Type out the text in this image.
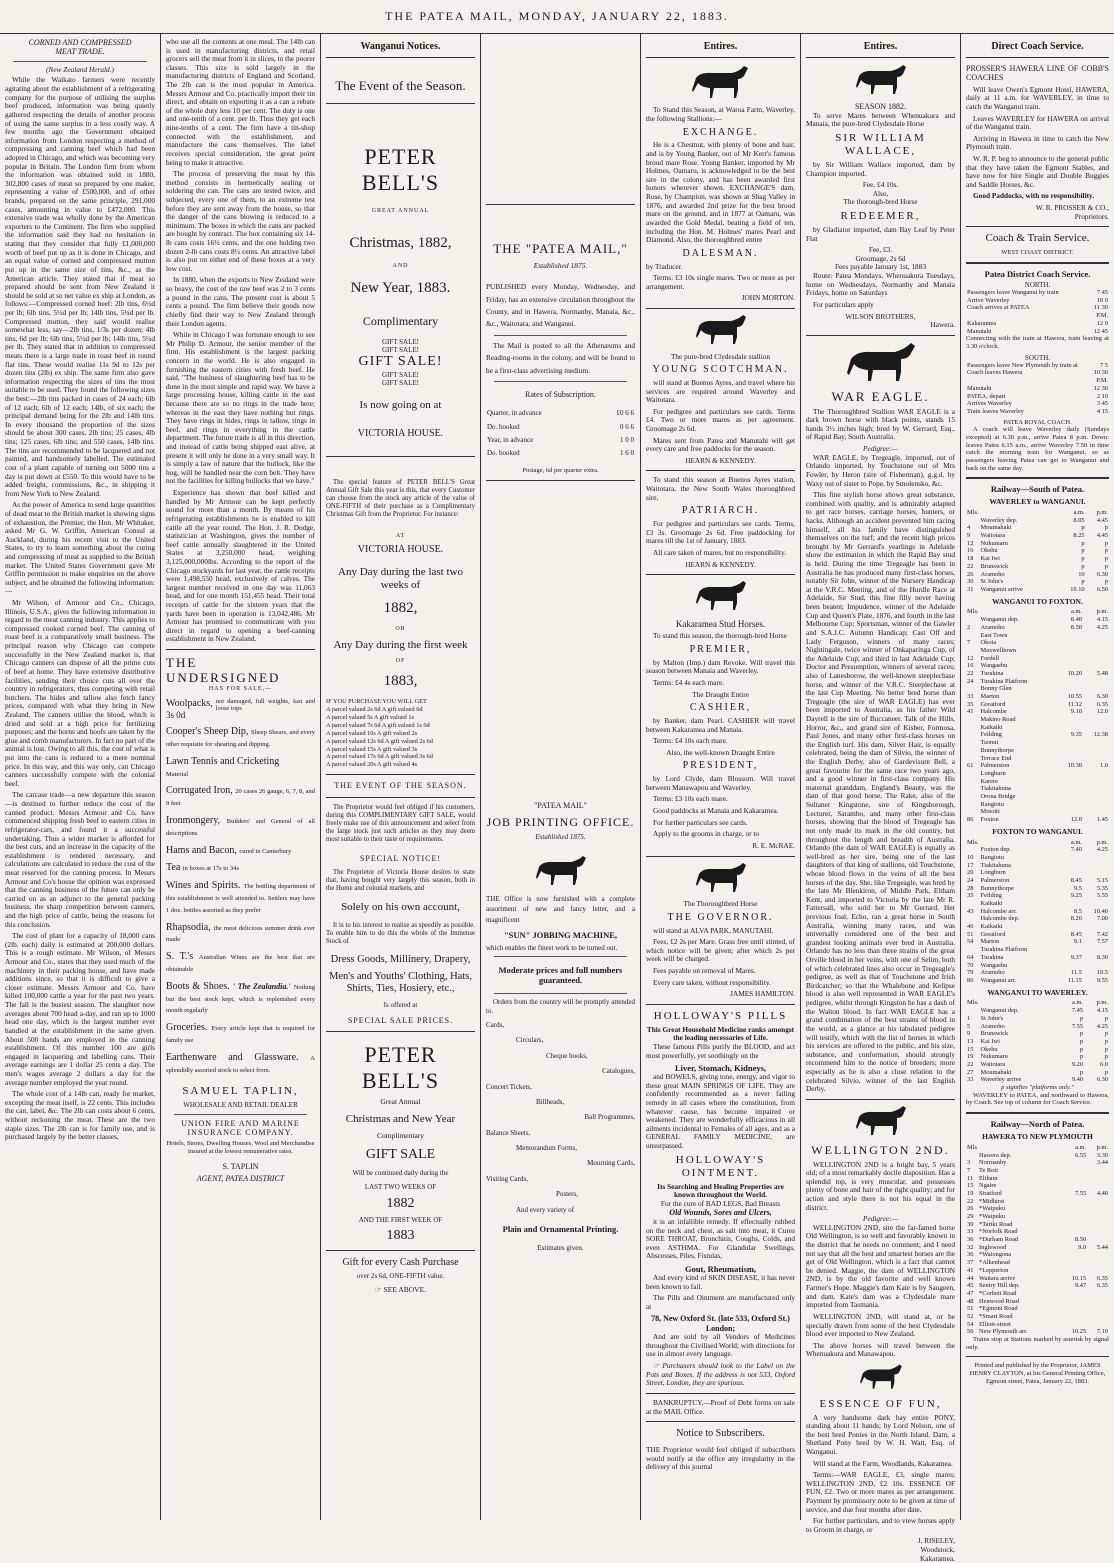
THE PATEA MAIL, MONDAY, JANUARY 22, 1883.
CORNED AND COMPRESSED
MEAT TRADE.
(New Zealand Herald.)

While the Waikato farmers were recently agitating about the establishment of a refrigerating company for the purpose of utilising the surplus beef produced, information was being quietly gathered respecting the details of another process of using the same surplus in a less costly way. A few months ago the Government obtained information from London respecting a method of compressing and canning beef which had been adopted in Chicago, and which was becoming very popular in Britain. The London firm from whom the information was obtained sold in 1880, 302,800 cases of meat so prepared by one maker, representing a value of £500,000, and of other brands, prepared on the same principle, 291,000 cases, amounting in value to £472,000. This extensive trade was wholly done by the American exporters to the Continent. The firm who supplied the information said they had no hesitation in stating that they consider that fully £1,000,000 worth of beef put up as it is done in Chicago, and an equal value of corned and compressed mutton put up in the same size of tins, &c., as the American article. They stated that if meat so prepared should be sent from New Zealand it should be sold at so net value ex ship at London, as follows:—Compressed corned beef: 2lb tins, 6½d per lb; 6lb tins, 5½d per lb; 14lb tins, 5¼d per lb. Compressed mutton, they said would realise somewhat less, say—2lb tins, 1/3s per dozen; 4lb tins, 6d per lb; 6lb tins, 5½d per lb; 14lb tins, 5¼d per lb. They stated that in addition to compressed meats there is a large trade in roast beef in round flat tins. These would realise 11s 9d to 12s per dozen tins (2lb) ex ship. The same firm also gave information respecting the sizes of tins the most suitable to be used. They found the following sizes the best:—2lb tins packed in cases of 24 each; 6lb of 12 each; 6lb of 12 each; 14lb, of six each; the principal demand being for the 2lb and 14lb tins. In every thousand the proportion of the sizes should be about 300 cases, 2lb tins; 25 cases, 4lb tins; 125 cases, 6lb tins; and 550 cases, 14lb tins. The tins are recommended to be lacquered and not painted, and handsomely labelled. The estimated cost of a plant capable of turning out 5000 tins a day is put down at £550. To this would have to be added freight, commissions, &c., in shipping it from New York to New Zealand.

As the power of America to send large quantities of dead meat to the British market is showing signs of exhaustion, the Premier, the Hon. Mr Whitaker, asked Mr G. W. Griffin, American Consul at Auckland, during his recent visit to the United States, to try to learn something about the curing and compressing of meat as supplied to the British market. The United States Government gave Mr Griffin permission to make enquiries on the above subject, and he obtained the following information:—

Mr Wilson, of Armour and Co., Chicago, Illinois, U.S.A., gives the following information in regard to the meat canning industry. This applies to compressed cooked corned beef. The canning of roast beef is a comparatively small business. The principal reason why Chicago can compete successfully in the New Zealand market is, that Chicago canners can dispose of all the prime cuts of beef at home. They have extensive distributive facilities, sending their choice cuts all over the country in refrigerators, thus competing with retail butchers. The hides and tallow also fetch fancy prices, compared with what they bring in New Zealand. The canners utilise the blood, which is dried and sold at a high price for fertilizing purposes; and the horns and hoofs are taken by the glue and comb manufacturers. In fact no part of the animal is lost. Owing to all this, the cost of what is put into the cans is reduced to a mere nominal price. In this way, and this way only, can Chicago canners successfully compete with the colonial beef.

The carcase trade—a new departure this season—is destined to further reduce the cost of the canned product. Messrs Armour and Co. have commenced shipping fresh beef to eastern cities in refrigerator-cars, and found it a successful undertaking. Thus a wider market is afforded for the best cuts, and an increase in the capacity of the establishment is rendered necessary, and calculations are calculated to reduce the cost of the meat reserved for the canning process. In Messrs Armour and Co's house the opinion was expressed that the canning business of the future can only be carried on as an adjunct to the general packing business, the sharp competition between canners, and the high price of cattle, being the reasons for this conclusion.

The cost of plant for a capacity of 18,000 cans (2lb. each) daily is estimated at 200,000 dollars. This is a rough estimate. Mr Wilson, of Messrs Armour and Co., states that they used much of the machinery in their packing house, and have made additions since, so that it is difficult to give a closer estimate. Messrs Armour and Co. have killed 100,000 cattle a year for the past two years. The fall is the busiest season. The slaughter now averages about 700 head a-day, and ran up to 1000 head one day, which is the largest number ever handled at the establishment in the same given. About 500 hands are employed in the canning establishment. Of this number 100 are girls engaged in lacquering and labelling cans. Their average earnings are 1 dollar 25 cents a day. The men's wages average 2 dollars a day for the average number employed the year round.

The whole cost of a 14lb can, ready for market, excepting the meat itself, is 22 cents. This includes the can, label, &c. The 2lb can costs about 6 cents, without reckoning the meat. These are the two staple sizes. The 2lb can is for family use, and is purchased largely by the better classes,

who use all the contents at one meal. The 14lb can is used in manufacturing districts, and retail grocers sell the meat from it in slices, to the poorer classes. This size is sold largely in the manufacturing districts of England and Scotland. The 2lb can is the most popular in America. Messrs Armour and Co. practically import their tin direct, and obtain on exporting it as a can a rebate of the whole duty less 10 per cent. The duty is one and one-tenth of a cent. per lb. Thus they get each nine-tenths of a cent. The firm have a tin-shop connected with the establishment, and manufacture the cans themselves. The label receives special consideration, the great point being to make it attractive.

The process of preserving the meat by this method consists in hermetically sealing or soldering the can. The cans are tested twice, and subjected, every one of them, to an extreme test before they are sent away from the house, so that the danger of the cans blowing is reduced to a minimum. The boxes in which the cans are packed are bought by contract. The box containing six 14-lb cans costs 16½ cents, and the one holding two dozen 2-lb cans costs 8½ cents. An attractive label is also put on either end of these boxes at a very low cost.

In 1880, when the exports to New Zealand were so heavy, the cost of the raw beef was 2 to 3 cents a pound in the cans. The present cost is about 5 cents a pound. The firm believe their goods now chiefly find their way to New Zealand through their London agents.

While in Chicago I was fortunate enough to see Mr Philip D. Armour, the senior member of the firm. His establishment is the largest packing concern in the world. He is also engaged in furnishing the eastern cities with fresh beef. He said, "The business of slaughtering beef has to be done in the most simple and rapid way. We have a large processing house, killing cattle in the east because there are so no rings in the trade here; whereas in the east they have nothing but rings. They have rings in hides, rings in tallow, rings in beef, and rings in everything in the cattle department. The future trade is all in this direction, and instead of cattle being shipped east alive, at present it will only be done in a very small way. It is simply a law of nature that the bullock, like the hog, will be handled near the corn belt. They have not the facilities for killing bullocks that we have."

Experience has shown that beef killed and handled by Mr Armour can be kept perfectly sound for more than a month. By means of his refrigerating establishments he is enabled to kill cattle all the year round. The Hon. J. R. Dodge, statistician at Washington, gives the number of beef cattle annually slaughtered in the United States at 3,250,000 head, weighing 3,125,000,000lbs. According to the report of the Chicago stockyards for last year, the cattle receipts were 1,498,550 head, exclusively of calves. The largest number received in one day was 11,063 head, and for one month 151,455 head. Their total receipts of cattle for the sixteen years that the yards have been in operation is 13,042,486. Mr Armour has promised to communicate with you direct in regard to opening a beef-canning establishment in New Zealand.

THE UNDERSIGNED
HAS FOR SALE,—
Woolpacks,
3s 0d
not damaged, full weights, fast and loose tops
Cooper's Sheep Dip, Sheep Shears, and every other requisite for shearing and dipping.
Lawn Tennis and Cricketing
Material
Corrugated Iron, 20 cases 26 gauge, 6, 7, 8, and 9 feet
Ironmongery, Builders' and General of all descriptions
Hams and Bacon, cured in Canterbury
Tea in boxes at 17s to 34s
Wines and Spirits. The bottling department of this establishment is well attended to. Settlers may have 1 doz. bottles assorted as they prefer
Rhapsodia, the most delicious summer drink ever made
S. T.'s Australian Wines are the best that are obtainable
Boots & Shoes. ' The Zealandia.' Nothing but the best stock kept, which is replenished every month regularly
Groceries. Every article kept that is required for family use
Earthenware and Glassware. A splendidly assorted stock to select from.
SAMUEL TAPLIN,
WHOLESALE AND RETAIL DEALER
UNION FIRE AND MARINE INSURANCE COMPANY.
Hotels, Stores, Dwelling Houses, Wool and Merchandise insured at the lowest remunerative rates.
S. TAPLIN
AGENT, PATEA DISTRICT
Wanganui Notices.
The Event of the Season.
PETER BELL'S
GREAT ANNUAL
Christmas, 1882,
AND
New Year, 1883.
Complimentary
GIFT SALE!
GIFT SALE!
GIFT SALE!
GIFT SALE!
GIFT SALE!
Is now going on at
VICTORIA HOUSE.

The special feature of PETER BELL'S Great Annual Gift Sale this year is this, that every Customer can choose from the stock any article of the value of ONE-FIFTH of their purchase as a Complimentary Christmas Gift from the Proprietor. For instance:

AT
VICTORIA HOUSE.
Any Day during the last two weeks of
1882,
OR
Any Day during the first week
OF
1883,
IF YOU PURCHASE YOU WILL GET
A parcel valued 2s 6d A gift valued 6d
A parcel valued 5s A gift valued 1s
A parcel valued 7s 6d A gift valued 1s 6d
A parcel valued 10s A gift valued 2s
A parcel valued 12s 6d A gift valued 2s 6d
A parcel valued 15s A gift valued 3s
A parcel valued 17s 6d A gift valued 3s 6d
A parcel valued 20s A gift valued 4s
THE EVENT OF THE SEASON.

The Proprietor would feel obliged if his customers, during this COMPLIMENTARY GIFT SALE, would freely make use of this announcement and select from the large stock just such articles as they may deem most suitable to their taste or requirements.

SPECIAL NOTICE!

The Proprietor of Victoria House desires to state that, having bought very largely this season, both in the Home and colonial markets, and

Solely on his own account,

It is to his interest to realise as speedily as possible. To enable him to do this the whole of the Immense Stock of

Dress Goods, Millinery, Drapery,
Men's and Youths' Clothing, Hats, Shirts, Ties, Hosiery, etc.,
Is offered at
SPECIAL SALE PRICES.
PETER BELL'S
Great Annual
Christmas and New Year
Complimentary
GIFT SALE
Will be continued daily during the
LAST TWO WEEKS OF
1882
AND THE FIRST WEEK OF
1883
Gift for every Cash Purchase
over 2s 6d, ONE-FIFTH value.
☞ SEE ABOVE.
THE "PATEA MAIL,"
Established 1875.

PUBLISHED every Monday, Wednesday, and Friday, has an extensive circulation throughout the County, and in Hawera, Normanby, Manaia, &c., &c., Waitotara, and Wanganui.

The Mail is posted to all the Athenæums and Reading-rooms in the colony, and will be found to be a first-class advertising medium.

Rates of Subscription.
Quarter, in advance	£0 6 6
Do. booked	0 6 6
Year, in advance	1 0 0
Do. booked	1 6 0
Postage, 6d per quarter extra.
"PATEA MAIL"
JOB PRINTING OFFICE.
Established 1875.

THE Office is now furnished with a complete assortment of new and fancy letter, and a magnificent

"SUN" JOBBING MACHINE,

which enables the finest work to be turned out.

Moderate prices and full numbers guaranteed.

Orders from the country will be promptly attended to.

Cards,
Circulars,
Cheque books,
Catalogues,
Concert Tickets,
Billheads,
Ball Programmes,
Balance Sheets,
Memorandum Forms,
Mourning Cards,
Visiting Cards,
Posters,
And every variety of
Plain and Ornamental Printing.
Estimates given.
Entires.

To Stand this Season, at Waroa Farm, Waverley, the following Stallions:—

EXCHANGE.

He is a Chestnut, with plenty of bone and hair, and is by Young Banker, out of Mr Kerr's famous brood mare Rose. Young Banker, imported by Mr Holmes, Oamaru, is acknowledged to be the best sire in the colony, and has been awarded first honors wherever shown. EXCHANGE'S dam, Rose, by Champion, was shown at Shag Valley in 1876, and awarded 2nd prize for the best brood mare on the ground, and in 1877 at Oamaru, was awarded the Gold Medal, beating a field of ten, including the Hon. M. Holmes' mares Pearl and Diamond. Also, the thoroughbred entire

DALESMAN.

by Traducer.

Terms: £3 10s single mares. Two or more as per arrangement.

JOHN MORTON.
The pure-bred Clydesdale stallion
YOUNG SCOTCHMAN.

will stand at Buenos Ayres, and travel where his services are required around Waverley and Waitotara.

For pedigree and particulars see cards. Terms £4. Two or more mares as per agreement. Groomage 2s 6d.

Mares sent from Patea and Manutahi will get every care and free paddocks for the season.

HEARN & KENNEDY.

To stand this season at Buenos Ayres station, Waitotara, the New South Wales thoroughbred sire,

PATRIARCH.

For pedigree and particulars see cards. Terms, £3 3s. Groomage 2s 6d. Free paddocking for mares till the 1st of January, 1883.

All care taken of mares, but no responsibility.

HEARN & KENNEDY.
Kakaramea Stud Horses.

To stand this season, the thorough-bred Horse

PREMIER,

by Malton (Imp.) dam Revoke. Will travel this season between Manaia and Waverley.

Terms: £4 4s each mare.

The Draught Entire
CASHIER,

by Banker, dam Pearl. CASHIER will travel between Kakaramea and Manaia.

Terms: £4 10s each mare.

Also, the well-known Draught Entire
PRESIDENT,

by Lord Clyde, dam Blossom. Will travel between Manawapou and Waverley.

Terms: £3 10s each mare.

Good paddocks at Manaia and Kakaramea.

For further particulars see cards.

Apply to the grooms in charge, or to

R. E. McRAE.
The Thoroughbred Horse
THE GOVERNOR.

will stand at ALVA PARK, MANUTAHI.

Fees, £2 2s per Mare. Grass free until stinted, of which notice will be given; after which 2s per week will be charged.

Fees payable on removal of Mares.

Every care taken, without responsibility.

JAMES HAMILTON.
HOLLOWAY'S PILLS
This Great Household Medicine ranks amongst the leading necessaries of Life.

These famous Pills purify the BLOOD, and act most powerfully, yet soothingly on the

Liver, Stomach, Kidneys,

and BOWELS, giving tone, energy, and vigor to these great MAIN SPRINGS OF LIFE. They are confidently recommended as a never failing remedy in all cases where the constitution, from whatever cause, has become impaired or weakened. They are wonderfully efficacious in all ailments incidental to Females of all ages, and as a GENERAL FAMILY MEDICINE, are unsurpassed.

HOLLOWAY'S OINTMENT.
Its Searching and Healing Properties are known throughout the World.
For the cure of BAD LEGS, Bad Breasts
Old Wounds, Sores and Ulcers,

it is an infallible remedy. If effectually rubbed on the neck and chest, as salt into meat, it Cures SORE THROAT, Bronchitis, Coughs, Colds, and even ASTHMA. For Glandular Swellings, Abscesses, Piles, Fistulas,

Gout, Rheumatism,

And every kind of SKIN DISEASE, it has never been known to fail.

The Pills and Ointment are manufactured only at

78, New Oxford St. (late 533, Oxford St.) London;

And are sold by all Vendors of Medicines throughout the Civilised World; with directions for use in almost every language.

☞ Purchasers should look to the Label on the Pots and Boxes. If the address is not 533, Oxford Street, London, they are spurious.

BANKRUPTCY.—Proof of Debt forms on sale at the MAIL Office.

Notice to Subscribers.

THE Proprietor would feel obliged if subscribers would notify at the office any irregularity in the delivery of this journal

Entires.
SEASON 1882.

To serve Mares between Whenuakura and Manaia, the pure-bred Clydesdale Horse

SIR WILLIAM WALLACE,

by Sir William Wallace imported, dam by Champion imported.

Fee, £4 10s.
Also,
The thorough-bred Horse
REDEEMER,

by Gladiator imported, dam Bay Leaf by Peter Flat

Fee, £3.
Groomage, 2s 6d
Fees payable January 1st, 1883

Route: Patea Mondays, Whenuakura Tuesdays, home on Wednesdays, Normanby and Manaia Fridays, home on Saturdays

For particulars apply

WILSON BROTHERS,
Hawera.
WAR EAGLE.

The Thoroughbred Stallion WAR EAGLE is a dark brown horse with black points, stands 15 hands 3½ inches high; bred by W. Gerrard, Esq., of Rapid Bay, South Australia.

Pedigree:—

WAR EAGLE, by Tregeagle, imported, out of Orlando imported, by Touchstone out of Mrs Fowler, by Heron (sire of Fisherman), g.g.d. by Waxy out of sister to Pope, by Smolensko, &c.

This fine stylish horse shows great substance, combined with quality, and is admirably adapted to get race horses, carriage horses, hunters, or hacks. Although an accident prevented him racing himself, all his family have distinguished themselves on the turf; and the recent high prices brought by Mr Gerrard's yearlings in Adelaide show the estimation in which the Rapid Bay stud is held. During the time Tregeagle has been in Australia he has produced many first-class horses, notably Sir John, winner of the Nursery Handicap at the V.R.C. Meeting, and of the Hurdle Race at Adelaide, Sir Stud, this fine filly never having been beaten; Impudence, winner of the Adelaide Cup and Queen's Plate, 1876, and fourth in the last Melbourne Cup; Sportsman, winner of the Gawler and S.A.J.C. Autumn Handicap; Cast Off and Lady Ferguson, winners of many races; Nightingale, twice winner of Onkaparinga Cup, of the Adelaide Cup, and third in last Adelaide Cup; Doctor and Presumption, winners of several races; also of Lanesborow, the well-known steeplechase horse, and winner of the V.R.C. Steeplechase at the last Cup Meeting. No better bred horse than Tregeagle (the sire of WAR EAGLE) has ever been imported to Australia, as his father Wild Dayrell is the sire of Buccaneer. Talk of the Hills, Horror, &c., and grand sire of Kisber, Formosa, Paul Jones, and many other first-class horses on the English turf. His dam, Silver Hair, is equally celebrated, being the dam of Silvio, the winner of the English Derby, also of Gardevisure Bell, a great favourite for the same race two years ago, and a good winner in first-class company. His maternal granddam, England's Beauty, was the dam of that good horse, The Rake, also of the Sultaner Kingstone, sire of Kingsborough, Lecturer, Sarambo, and many other first-class horses, showing that the blood of Tregeagle has not only made its mark in the old country, but throughout the length and breadth of Australia. Orlando (the dam of WAR EAGLE) is equally as well-bred as her sire, being one of the last daughters of that king of stallions, old Touchstone, whose blood flows in the veins of all the best horses of the day. She, like Tregeagle, was bred by the late Mr Blenkiron, of Middle Park, Eltham Kent, and imported to Victoria by the late Mr R. Fattersall, who sold her to Mr Gerrard. Her previous foal, Echo, ran a great horse in South Australia, winning many races, and was universally considered one of the best and grandest looking animals ever bred in Australia. Orlando has no less than three strains of the great Orville blood in her veins, with one of Selim, both of which celebrated lines also occur in Tregeagle's pedigree, as well as that of Touchstone and Irish Birdcatcher; so that the Whalebone and Kelipse blood is also well represented in WAR EAGLE's pedigree, whilst through Kingston he has a dash of the Walton blood. In fact WAR EAGLE has a grand combination of the best strains of blood in the world, as a glance at his tabulated pedigree will testify, which with the list of horses in which his services are offered to the public, and his size, substance, and conformation, should strongly recommend him to the notice of breeders; more especially as he is also a close relation to the celebrated Silvio, winner of the last English Derby.

WELLINGTON 2ND.

WELLINGTON 2ND is a bright bay, 5 years old; of a most remarkably docile disposition. Has a splendid top, is very muscular, and possesses plenty of bone and hair of the right quality; and for action and style there is not his equal in the district.

Pedigree:—

WELLINGTON 2ND, sire the far-famed horse Old Wellington, is so well and favorably known in the district that he needs no comment; and I need not say that all the best and smartest horses are the get of Old Wellington, which is a fact that cannot be denied. Maggie, the dam of WELLINGTON 2ND, is by the old favorite and well known Farmer's Hope. Maggie's dam Kate is by Saugeen, and dam. Kate's dam was a Clydesdale mare imported from Tasmania.

WELLINGTON 2ND, will stand at, or be specially drawn from some of the best Clydesdale blood ever imported to New Zealand.

The above horses will travel between the Whenuakura and Manawapou.

ESSENCE OF FUN,

A very handsome dark bay entire PONY, standing about 11 hands; by Lord Nelson, one of the best bred Ponies in the North Island. Dam, a Shetland Pony bred by W. H. Watt, Esq. of Wanganui.

Will stand at the Farm, Woodlands, Kakaramea.

Terms:—WAR EAGLE, £3, single mares; WELLINGTON 2ND, £2 10s. ESSENCE OF FUN, £2. Two or more mares as per arrangement. Payment by promissory note to be given at time of service, and due four months after date.

For further particulars, and to view horses apply to Groom in charge, or

J. RISELEY,
Woodstock,
Kakaramea.
Direct Coach Service.

PROSSER'S HAWERA LINE OF COBB'S COACHES

Will leave Owen's Egmont Hotel, HAWERA, daily at 11 a.m. for WAVERLEY, in time to catch the Wanganui train.

Leaves WAVERLEY for HAWERA on arrival of the Wanganui train.

Arriving in Hawera in time to catch the New Plymouth train.

W. R. P. beg to announce to the general public that they have taken the Egmont Stables, and have now for hire Single and Double Buggies and Saddle Horses, &c.

Good Paddocks, with no responsibility.

W. R. PROSSER & CO.,
Proprietors.
Coach & Train Service.
WEST COAST DISTRICT.
Patea District Coach Service.
NORTH.
Passengers leave Wanganui by train	7 45
Arrive Waverley	10 0
Coach arrives at PATEA	11 30
	P.M.
Kakaramea	12 0
Manutahi	12 45

Connecting with the train at Hawera, train leaving at 3.30 o'clock.

SOUTH.
Passengers leave New Plymouth by train at	7 5
Coach leaves Hawera	10 30
	P.M.
Manutahi	12 30
PATEA, depart	2 10
Arrives Waverley	3 45
Train leaves Waverley	4 15
PATEA ROYAL COACH.

A coach will leave Waverley daily (Sundays excepted) at 6.30 p.m., arrive Patea 8 p.m. Down: leaves Patea 6.15 a.m., arrive Waverley 7.50 in time catch the morning train for Wanganui, so as passengers leaving Patea can get to Wanganui and back on the same day.

Railway—South of Patea.
WAVERLEY to WANGANUI.
Mls.		a.m.	p.m.
	Waverley dep.	8.05	4.45
4	Moumahaki	p	p
9	Waitotara	8.25	4.45
12	Nukumaru	p	p
16	Okehu	p	p
18	Kai Iwi	p	p
22	Brunswick	p	p
26	Aramoho	10	6.30
30	St John's	p	p
31	Wanganui arrive	10.10	6.50
WANGANUI TO FOXTON.
Mls.		a.m.	p.m.
	Wanganui dep.	8.40	4.15
2	Aramoho	8.50	4.25
	East Town		
7	Okoia		
	Maxwelltown		
12	Fordell		
16	Wangaehu		
22	Turakina	10.20	5.48
24	Turakina Platform		
	Bonny Glen		
33	Marton	10.55	6.30
35	Greatford	11.12	6.35
41	Halcombe	9.10	12.0
	Makino Road		
	Kaikaiki		
	Feilding	9.35	12.38
	Taonui		
	Bunnythorpe		
	Terrace End		
61	Palmerston	10.30	1.0
	Longburn		
	Karere		
	Tiakitahuna		
	Oroua Bridge		
	Rangiotu		
	Motoiti		
86	Foxton	12.0	1.45
FOXTON TO WANGANUI.
Mls.		a.m.	p.m.
	Foxton dep.	7.40	4.25
10	Rangiotu		
17	Tiakitahuna		
20	Longburn		
24	Palmerston	8.45	5.15
28	Bunnythorpe	9.5	5.35
35	Feilding	9.25	5.55
	Kaikaiki		
43	Halcombe arr.	8.5	10.40
	Halcombe dep.	8.20	7.00
46	Kaikaiki		
51	Greatford	8.45	7.42
54	Marton	9.1	7.57
	Turakina Platform		
64	Turakina	9.37	8.30
70	Wangaehu		
79	Aramoho	11.5	10.5
86	Wanganui arr.	11.15	9.55
WANGANUI TO WAVERLEY.
Mls.		a.m.	p.m.
	Wanganui dep.	7.45	4.15
1	St John's	p	p
5	Aramoho	7.55	4.25
9	Brunswick	p	p
13	Kai Iwi	p	p
15	Okehu	p	p
19	Nukumaru	p	p
22	Waitotara	9.20	6.0
27	Moumahaki	p	p
33	Waverley arrive	9.40	6.30
p signifies "platforms only."

WAVERLEY to PATEA, and northward to Hawera, by Coach. See top of column for Coach Service.

Railway—North of Patea.
HAWERA TO NEW PLYMOUTH
Mls		a.m.	p.m.
	Hawera dep.	6.55	3.30
3	Normanby		3.44
7	Te Roti		
11	Eltham		
15	Ngaire		
19	Stratford	7.55	4.40
22	*Midhirst		
26	*Waipuku		
29	*Waipuku		
30	*Tariki Road		
33	*Norfolk Road		
36	*Durham Road	8.50	
32	Inglewood	9.0	5.44
36	*Waiongona		
37	*Alkenhead		
41	*Lepperton		
44	Waitara arrive	10.15	6.35
45	Sentry Hill dep.	9.47	6.35
47	*Corbett Road		
48	Henwood Road		
51	*Egmont Road		
52	*Smart Road		
54	Elliott-street		
56	New Plymouth arr.	10.25	7.10

Trains stop at Stations marked by asterisk by signal only.

Printed and published by the Proprietor, JAMES HENRY CLAYTON, at his General Printing Office, Egmont street, Patea, January 22, 1883.
